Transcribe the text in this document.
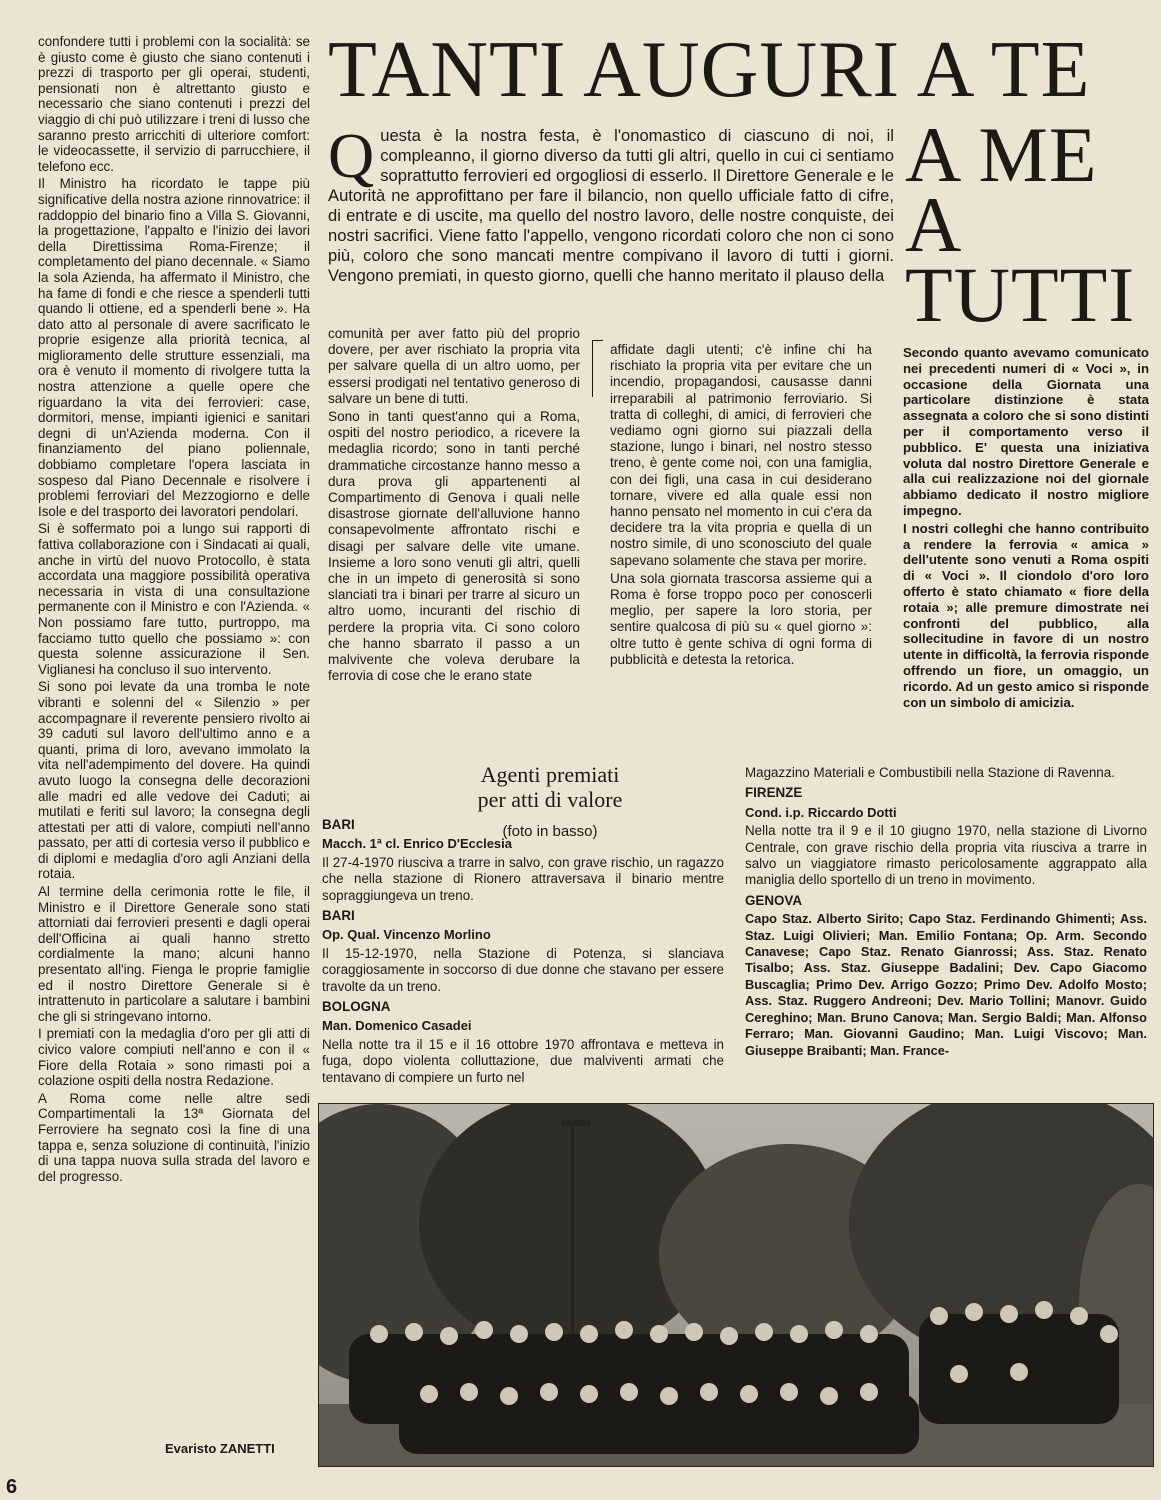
confondere tutti i problemi con la socialità: se è giusto come è giusto che siano contenuti i prezzi di trasporto per gli operai, studenti, pensionati non è altrettanto giusto e necessario che siano contenuti i prezzi del viaggio di chi può utilizzare i treni di lusso che saranno presto arricchiti di ulteriore comfort: le videocassette, il servizio di parrucchiere, il telefono ecc.

Il Ministro ha ricordato le tappe più significative della nostra azione rinnovatrice: il raddoppio del binario fino a Villa S. Giovanni, la progettazione, l'appalto e l'inizio dei lavori della Direttissima Roma-Firenze; il completamento del piano decennale. « Siamo la sola Azienda, ha affermato il Ministro, che ha fame di fondi e che riesce a spenderli tutti quando li ottiene, ed a spenderli bene ». Ha dato atto al personale di avere sacrificato le proprie esigenze alla priorità tecnica, al miglioramento delle strutture essenziali, ma ora è venuto il momento di rivolgere tutta la nostra attenzione a quelle opere che riguardano la vita dei ferrovieri: case, dormitori, mense, impianti igienici e sanitari degni di un'Azienda moderna. Con il finanziamento del piano poliennale, dobbiamo completare l'opera lasciata in sospeso dal Piano Decennale e risolvere i problemi ferroviari del Mezzogiorno e delle Isole e del trasporto dei lavoratori pendolari.

Si è soffermato poi a lungo sui rapporti di fattiva collaborazione con i Sindacati ai quali, anche in virtù del nuovo Protocollo, è stata accordata una maggiore possibilità operativa necessaria in vista di una consultazione permanente con il Ministro e con l'Azienda. « Non possiamo fare tutto, purtroppo, ma facciamo tutto quello che possiamo »: con questa solenne assicurazione il Sen. Viglianesi ha concluso il suo intervento.

Si sono poi levate da una tromba le note vibranti e solenni del « Silenzio » per accompagnare il reverente pensiero rivolto ai 39 caduti sul lavoro dell'ultimo anno e a quanti, prima di loro, avevano immolato la vita nell'adempimento del dovere. Ha quindi avuto luogo la consegna delle decorazioni alle madri ed alle vedove dei Caduti; ai mutilati e feriti sul lavoro; la consegna degli attestati per atti di valore, compiuti nell'anno passato, per atti di cortesia verso il pubblico e di diplomi e medaglia d'oro agli Anziani della rotaia.

Al termine della cerimonia rotte le file, il Ministro e il Direttore Generale sono stati attorniati dai ferrovieri presenti e dagli operai dell'Officina ai quali hanno stretto cordialmente la mano; alcuni hanno presentato all'ing. Fienga le proprie famiglie ed il nostro Direttore Generale si è intrattenuto in particolare a salutare i bambini che gli si stringevano intorno.

I premiati con la medaglia d'oro per gli atti di civico valore compiuti nell'anno e con il « Fiore della Rotaia » sono rimasti poi a colazione ospiti della nostra Redazione.

A Roma come nelle altre sedi Compartimentali la 13ª Giornata del Ferroviere ha segnato così la fine di una tappa e, senza soluzione di continuità, l'inizio di una tappa nuova sulla strada del lavoro e del progresso.

Evaristo ZANETTI
6
TANTI AUGURI A TE
A ME
A
TUTTI
Q uesta è la nostra festa, è l'onomastico di ciascuno di noi, il compleanno, il giorno diverso da tutti gli altri, quello in cui ci sentiamo soprattutto ferrovieri ed orgogliosi di esserlo. Il Direttore Generale e le Autorità ne approfittano per fare il bilancio, non quello ufficiale fatto di cifre, di entrate e di uscite, ma quello del nostro lavoro, delle nostre conquiste, dei nostri sacrifici. Viene fatto l'appello, vengono ricordati coloro che non ci sono più, coloro che sono mancati mentre compivano il lavoro di tutti i giorni. Vengono premiati, in questo giorno, quelli che hanno meritato il plauso della

comunità per aver fatto più del proprio dovere, per aver rischiato la propria vita per salvare quella di un altro uomo, per essersi prodigati nel tentativo generoso di salvare un bene di tutti.

Sono in tanti quest'anno qui a Roma, ospiti del nostro periodico, a ricevere la medaglia ricordo; sono in tanti perché drammatiche circostanze hanno messo a dura prova gli appartenenti al Compartimento di Genova i quali nelle disastrose giornate dell'alluvione hanno consapevolmente affrontato rischi e disagi per salvare delle vite umane. Insieme a loro sono venuti gli altri, quelli che in un impeto di generosità si sono slanciati tra i binari per trarre al sicuro un altro uomo, incuranti del rischio di perdere la propria vita. Ci sono coloro che hanno sbarrato il passo a un malvivente che voleva derubare la ferrovia di cose che le erano state

affidate dagli utenti; c'è infine chi ha rischiato la propria vita per evitare che un incendio, propagandosi, causasse danni irreparabili al patrimonio ferroviario. Si tratta di colleghi, di amici, di ferrovieri che vediamo ogni giorno sui piazzali della stazione, lungo i binari, nel nostro stesso treno, è gente come noi, con una famiglia, con dei figli, una casa in cui desiderano tornare, vivere ed alla quale essi non hanno pensato nel momento in cui c'era da decidere tra la vita propria e quella di un nostro simile, di uno sconosciuto del quale sapevano solamente che stava per morire.

Una sola giornata trascorsa assieme qui a Roma è forse troppo poco per conoscerli meglio, per sapere la loro storia, per sentire qualcosa di più su « quel giorno »: oltre tutto è gente schiva di ogni forma di pubblicità e detesta la retorica.

Secondo quanto avevamo comunicato nei precedenti numeri di « Voci », in occasione della Giornata una particolare distinzione è stata assegnata a coloro che si sono distinti per il comportamento verso il pubblico. E' questa una iniziativa voluta dal nostro Direttore Generale e alla cui realizzazione noi del giornale abbiamo dedicato il nostro migliore impegno.

I nostri colleghi che hanno contribuito a rendere la ferrovia « amica » dell'utente sono venuti a Roma ospiti di « Voci ». Il ciondolo d'oro loro offerto è stato chiamato « fiore della rotaia »; alle premure dimostrate nei confronti del pubblico, alla sollecitudine in favore di un nostro utente in difficoltà, la ferrovia risponde offrendo un fiore, un omaggio, un ricordo. Ad un gesto amico si risponde con un simbolo di amicizia.

Agenti premiati
per atti di valore
(foto in basso)
BARI
Macch. 1ª cl. Enrico D'Ecclesia

Il 27-4-1970 riusciva a trarre in salvo, con grave rischio, un ragazzo che nella stazione di Rionero attraversava il binario mentre sopraggiungeva un treno.

BARI
Op. Qual. Vincenzo Morlino

Il 15-12-1970, nella Stazione di Potenza, si slanciava coraggiosamente in soccorso di due donne che stavano per essere travolte da un treno.

BOLOGNA
Man. Domenico Casadei

Nella notte tra il 15 e il 16 ottobre 1970 affrontava e metteva in fuga, dopo violenta colluttazione, due malviventi armati che tentavano di compiere un furto nel

Magazzino Materiali e Combustibili nella Stazione di Ravenna.

FIRENZE
Cond. i.p. Riccardo Dotti

Nella notte tra il 9 e il 10 giugno 1970, nella stazione di Livorno Centrale, con grave rischio della propria vita riusciva a trarre in salvo un viaggiatore rimasto pericolosamente aggrappato alla maniglia dello sportello di un treno in movimento.

GENOVA

Capo Staz. Alberto Sirito; Capo Staz. Ferdinando Ghimenti; Ass. Staz. Luigi Olivieri; Man. Emilio Fontana; Op. Arm. Secondo Canavese; Capo Staz. Renato Gianrossi; Ass. Staz. Renato Tisalbo; Ass. Staz. Giuseppe Badalini; Dev. Capo Giacomo Buscaglia; Primo Dev. Arrigo Gozzo; Primo Dev. Adolfo Mosto; Ass. Staz. Ruggero Andreoni; Dev. Mario Tollini; Manovr. Guido Cereghino; Man. Bruno Canova; Man. Sergio Baldi; Man. Alfonso Ferraro; Man. Giovanni Gaudino; Man. Luigi Viscovo; Man. Giuseppe Braibanti; Man. France-
